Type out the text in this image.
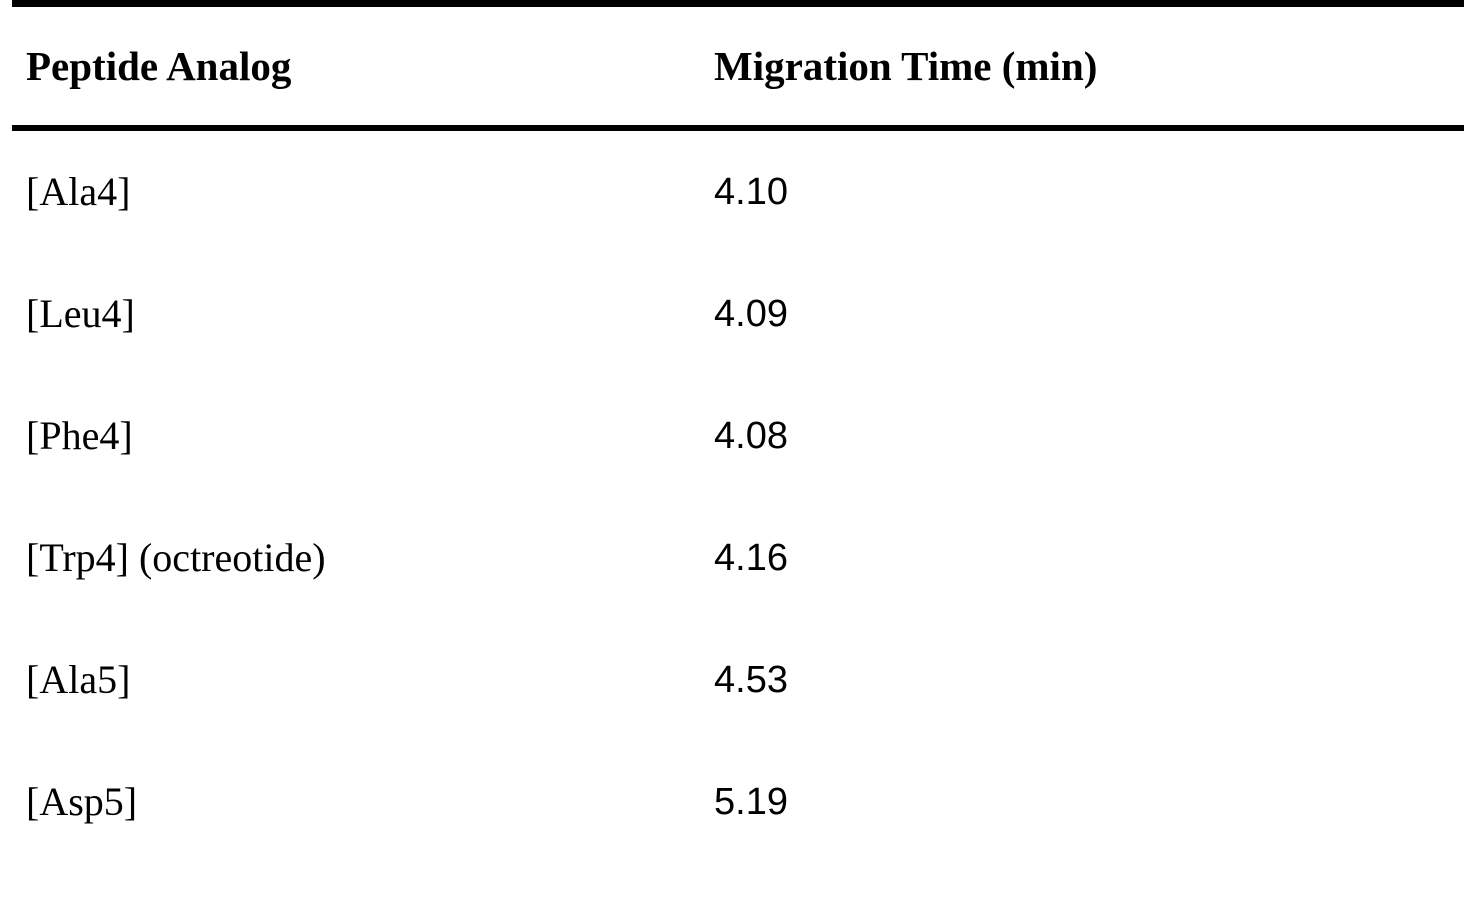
Peptide Analog	Migration Time (min)
[Ala4]	4.10
[Leu4]	4.09
[Phe4]	4.08
[Trp4] (octreotide)	4.16
[Ala5]	4.53
[Asp5]	5.19
